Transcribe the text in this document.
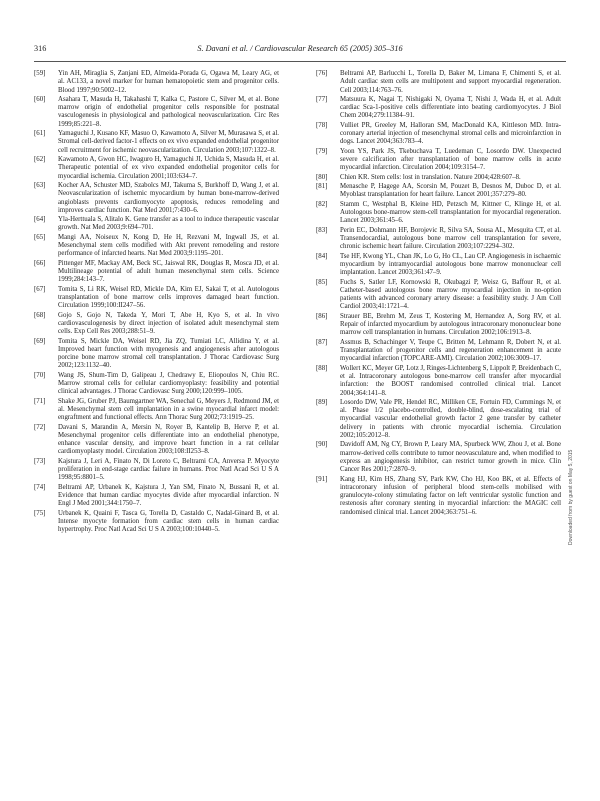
316	S. Davani et al. / Cardiovascular Research 65 (2005) 305–316
[59]	Yin AH, Miraglia S, Zanjani ED, Almeida-Porada G, Ogawa M, Leary AG, et al. AC133, a novel marker for human hematopoietic stem and progenitor cells. Blood 1997;90:5002–12.
[60]	Asahara T, Masuda H, Takahashi T, Kalka C, Pastore C, Silver M, et al. Bone marrow origin of endothelial progenitor cells responsible for postnatal vasculogenesis in physiological and pathological neovascularization. Circ Res 1999;85:221–8.
[61]	Yamaguchi J, Kusano KF, Masuo O, Kawamoto A, Silver M, Murasawa S, et al. Stromal cell-derived factor-1 effects on ex vivo expanded endothelial progenitor cell recruitment for ischemic neovascularization. Circulation 2003;107:1322–8.
[62]	Kawamoto A, Gwon HC, Iwaguro H, Yamaguchi JI, Uchida S, Masuda H, et al. Therapeutic potential of ex vivo expanded endothelial progenitor cells for myocardial ischemia. Circulation 2001;103:634–7.
[63]	Kocher AA, Schuster MD, Szabolcs MJ, Takuma S, Burkhoff D, Wang J, et al. Neovascularization of ischemic myocardium by human bone-marrow-derived angioblasts prevents cardiomyocyte apoptosis, reduces remodeling and improves cardiac function. Nat Med 2001;7:430–6.
[64]	Yla-Herttuala S, Alitalo K. Gene transfer as a tool to induce therapeutic vascular growth. Nat Med 2003;9:694–701.
[65]	Mangi AA, Noiseux N, Kong D, He H, Rezvani M, Ingwall JS, et al. Mesenchymal stem cells modified with Akt prevent remodeling and restore performance of infarcted hearts. Nat Med 2003;9:1195–201.
[66]	Pittenger MF, Mackay AM, Beck SC, Jaiswal RK, Douglas R, Mosca JD, et al. Multilineage potential of adult human mesenchymal stem cells. Science 1999;284:143–7.
[67]	Tomita S, Li RK, Weisel RD, Mickle DA, Kim EJ, Sakai T, et al. Autologous transplantation of bone marrow cells improves damaged heart function. Circulation 1999;100:II247–56.
[68]	Gojo S, Gojo N, Takeda Y, Mori T, Abe H, Kyo S, et al. In vivo cardiovasculogenesis by direct injection of isolated adult mesenchymal stem cells. Exp Cell Res 2003;288:51–9.
[69]	Tomita S, Mickle DA, Weisel RD, Jia ZQ, Tumiati LC, Allidina Y, et al. Improved heart function with myogenesis and angiogenesis after autologous porcine bone marrow stromal cell transplantation. J Thorac Cardiovasc Surg 2002;123:1132–40.
[70]	Wang JS, Shum-Tim D, Galipeau J, Chedrawy E, Eliopoulos N, Chiu RC. Marrow stromal cells for cellular cardiomyoplasty: feasibility and potential clinical advantages. J Thorac Cardiovasc Surg 2000;120:999–1005.
[71]	Shake JG, Gruber PJ, Baumgartner WA, Senechal G, Meyers J, Redmond JM, et al. Mesenchymal stem cell implantation in a swine myocardial infarct model: engraftment and functional effects. Ann Thorac Surg 2002;73:1919–25.
[72]	Davani S, Marandin A, Mersin N, Royer B, Kantelip B, Herve P, et al. Mesenchymal progenitor cells differentiate into an endothelial phenotype, enhance vascular density, and improve heart function in a rat cellular cardiomyoplasty model. Circulation 2003;108:II253–8.
[73]	Kajstura J, Leri A, Finato N, Di Loreto C, Beltrami CA, Anversa P. Myocyte proliferation in end-stage cardiac failure in humans. Proc Natl Acad Sci U S A 1998;95:8801–5.
[74]	Beltrami AP, Urbanek K, Kajstura J, Yan SM, Finato N, Bussani R, et al. Evidence that human cardiac myocytes divide after myocardial infarction. N Engl J Med 2001;344:1750–7.
[75]	Urbanek K, Quaini F, Tasca G, Torella D, Castaldo C, Nadal-Ginard B, et al. Intense myocyte formation from cardiac stem cells in human cardiac hypertrophy. Proc Natl Acad Sci U S A 2003;100:10440–5.
[76]	Beltrami AP, Barlucchi L, Torella D, Baker M, Limana F, Chimenti S, et al. Adult cardiac stem cells are multipotent and support myocardial regeneration. Cell 2003;114:763–76.
[77]	Matsuura K, Nagai T, Nishigaki N, Oyama T, Nishi J, Wada H, et al. Adult cardiac Sca-1-positive cells differentiate into beating cardiomyocytes. J Biol Chem 2004;279:11384–91.
[78]	Vulliet PR, Greeley M, Halloran SM, MacDonald KA, Kittleson MD. Intra-coronary arterial injection of mesenchymal stromal cells and microinfarction in dogs. Lancet 2004;363:783–4.
[79]	Yoon YS, Park JS, Tkebuchava T, Luedeman C, Losordo DW. Unexpected severe calcification after transplantation of bone marrow cells in acute myocardial infarction. Circulation 2004;109:3154–7.
[80]	Chien KR. Stem cells: lost in translation. Nature 2004;428:607–8.
[81]	Menasche P, Hagege AA, Scorsin M, Pouzet B, Desnos M, Duboc D, et al. Myoblast transplantation for heart failure. Lancet 2001;357:279–80.
[82]	Stamm C, Westphal B, Kleine HD, Petzsch M, Kittner C, Klinge H, et al. Autologous bone-marrow stem-cell transplantation for myocardial regeneration. Lancet 2003;361:45–6.
[83]	Perin EC, Dohmann HF, Borojevic R, Silva SA, Sousa AL, Mesquita CT, et al. Transendocardial, autologous bone marrow cell transplantation for severe, chronic ischemic heart failure. Circulation 2003;107:2294–302.
[84]	Tse HF, Kwong YL, Chan JK, Lo G, Ho CL, Lau CP. Angiogenesis in ischaemic myocardium by intramyocardial autologous bone marrow mononuclear cell implantation. Lancet 2003;361:47–9.
[85]	Fuchs S, Satler LF, Kornowski R, Okubagzi P, Weisz G, Baffour R, et al. Catheter-based autologous bone marrow myocardial injection in no-option patients with advanced coronary artery disease: a feasibility study. J Am Coll Cardiol 2003;41:1721–4.
[86]	Strauer BE, Brehm M, Zeus T, Kostering M, Hernandez A, Sorg RV, et al. Repair of infarcted myocardium by autologous intracoronary mononuclear bone marrow cell transplantation in humans. Circulation 2002;106:1913–8.
[87]	Assmus B, Schachinger V, Teupe C, Britten M, Lehmann R, Dobert N, et al. Transplantation of progenitor cells and regeneration enhancement in acute myocardial infarction (TOPCARE-AMI). Circulation 2002;106:3009–17.
[88]	Wollert KC, Meyer GP, Lotz J, Ringes-Lichtenberg S, Lippolt P, Breidenbach C, et al. Intracoronary autologous bone-marrow cell transfer after myocardial infarction: the BOOST randomised controlled clinical trial. Lancet 2004;364:141–8.
[89]	Losordo DW, Vale PR, Hendel RC, Milliken CE, Fortuin FD, Cummings N, et al. Phase 1/2 placebo-controlled, double-blind, dose-escalating trial of myocardial vascular endothelial growth factor 2 gene transfer by catheter delivery in patients with chronic myocardial ischemia. Circulation 2002;105:2012–8.
[90]	Davidoff AM, Ng CY, Brown P, Leary MA, Spurbeck WW, Zhou J, et al. Bone marrow-derived cells contribute to tumor neovasculature and, when modified to express an angiogenesis inhibitor, can restrict tumor growth in mice. Clin Cancer Res 2001;7:2870–9.
[91]	Kang HJ, Kim HS, Zhang SY, Park KW, Cho HJ, Koo BK, et al. Effects of intracoronary infusion of peripheral blood stem-cells mobilised with granulocyte-colony stimulating factor on left ventricular systolic function and restenosis after coronary stenting in myocardial infarction: the MAGIC cell randomised clinical trial. Lancet 2004;363:751–6.	Downloaded from by guest on May 5, 2015
